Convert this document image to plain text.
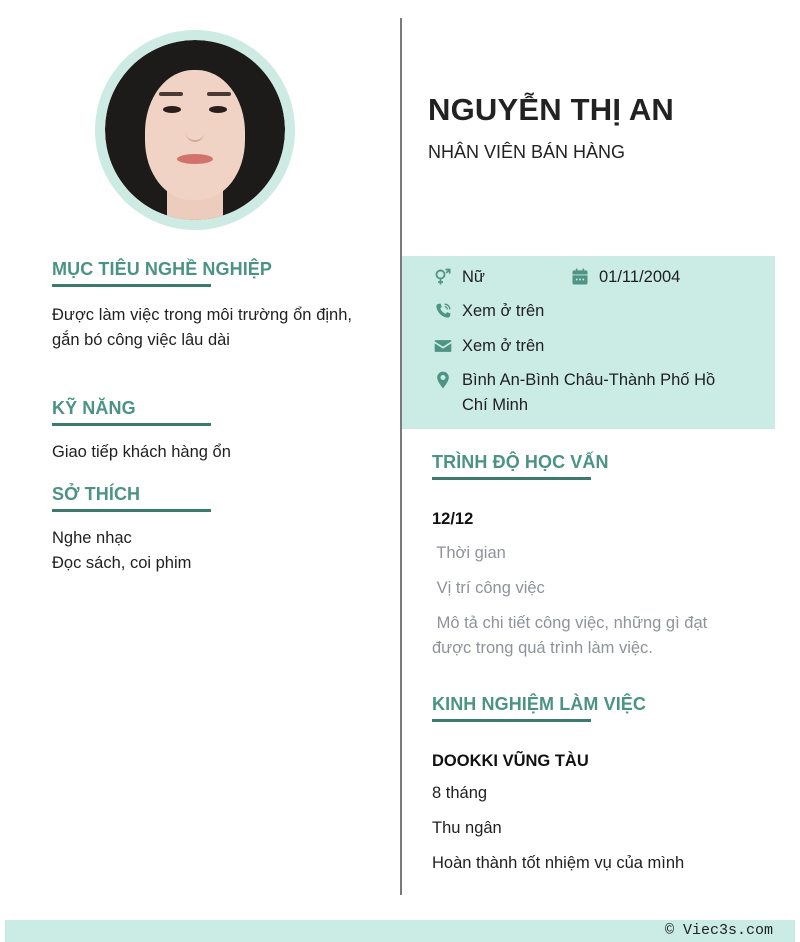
MỤC TIÊU NGHỀ NGHIỆP
Được làm việc trong môi trường ổn định, gắn bó công việc lâu dài
KỸ NĂNG
Giao tiếp khách hàng ổn
SỞ THÍCH
Nghe nhạc
Đọc sách, coi phim
NGUYỄN THỊ AN
NHÂN VIÊN BÁN HÀNG
Nữ	01/11/2004
Xem ở trên
Xem ở trên
Bình An-Bình Châu-Thành Phố Hồ Chí Minh
TRÌNH ĐỘ HỌC VẤN
12/12
Thời gian
Vị trí công việc
Mô tả chi tiết công việc, những gì đạt được trong quá trình làm việc.
KINH NGHIỆM LÀM VIỆC
DOOKKI VŨNG TÀU
8 tháng
Thu ngân
Hoàn thành tốt nhiệm vụ của mình
© Viec3s.com
